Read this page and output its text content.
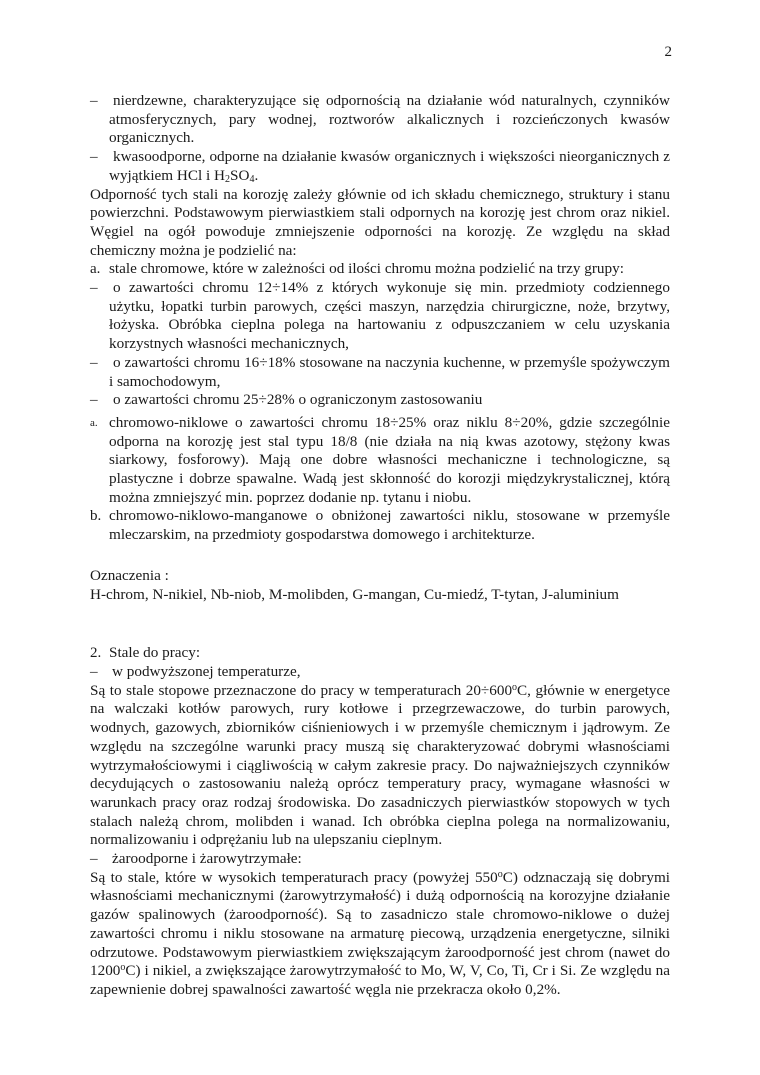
2
– nierdzewne, charakteryzujące się odpornością na działanie wód naturalnych, czynników atmosferycznych, pary wodnej, roztworów alkalicznych i rozcieńczonych kwasów organicznych.
– kwasoodporne, odporne na działanie kwasów organicznych i większości nieorganicznych z wyjątkiem HCl i $H_2SO_4$.

Odporność tych stali na korozję zależy głównie od ich składu chemicznego, struktury i stanu powierzchni. Podstawowym pierwiastkiem stali odpornych na korozję jest chrom oraz nikiel. Węgiel na ogół powoduje zmniejszenie odporności na korozję. Ze względu na skład chemiczny można je podzielić na:

a. stale chromowe, które w zależności od ilości chromu można podzielić na trzy grupy:
– o zawartości chromu 12÷14% z których wykonuje się min. przedmioty codziennego użytku, łopatki turbin parowych, części maszyn, narzędzia chirurgiczne, noże, brzytwy, łożyska. Obróbka cieplna polega na hartowaniu z odpuszczaniem w celu uzyskania korzystnych własności mechanicznych,
– o zawartości chromu 16÷18% stosowane na naczynia kuchenne, w przemyśle spożywczym i samochodowym,
– o zawartości chromu 25÷28% o ograniczonym zastosowaniu
a. chromowo-niklowe o zawartości chromu 18÷25% oraz niklu 8÷20%, gdzie szczególnie odporna na korozję jest stal typu 18/8 (nie działa na nią kwas azotowy, stężony kwas siarkowy, fosforowy). Mają one dobre własności mechaniczne i technologiczne, są plastyczne i dobrze spawalne. Wadą jest skłonność do korozji międzykrystalicznej, którą można zmniejszyć min. poprzez dodanie np. tytanu i niobu.
b. chromowo-niklowo-manganowe o obniżonej zawartości niklu, stosowane w przemyśle mleczarskim, na przedmioty gospodarstwa domowego i architekturze.

Oznaczenia :

H-chrom, N-nikiel, Nb-niob, M-molibden, G-mangan, Cu-miedź, T-tytan, J-aluminium

2. Stale do pracy:
– w podwyższonej temperaturze,

Są to stale stopowe przeznaczone do pracy w temperaturach $20\div 600^oC$, głównie w energetyce na walczaki kotłów parowych, rury kotłowe i przegrzewaczowe, do turbin parowych, wodnych, gazowych, zbiorników ciśnieniowych i w przemyśle chemicznym i jądrowym. Ze względu na szczególne warunki pracy muszą się charakteryzować dobrymi własnościami wytrzymałościowymi i ciągliwością w całym zakresie pracy. Do najważniejszych czynników decydujących o zastosowaniu należą oprócz temperatury pracy, wymagane własności w warunkach pracy oraz rodzaj środowiska. Do zasadniczych pierwiastków stopowych w tych stalach należą chrom, molibden i wanad. Ich obróbka cieplna polega na normalizowaniu, normalizowaniu i odprężaniu lub na ulepszaniu cieplnym.

– żaroodporne i żarowytrzymałe:

Są to stale, które w wysokich temperaturach pracy (powyżej 550$^o$C) odznaczają się dobrymi własnościami mechanicznymi (żarowytrzymałość) i dużą odpornością na korozyjne działanie gazów spalinowych (żaroodporność). Są to zasadniczo stale chromowo-niklowe o dużej zawartości chromu i niklu stosowane na armaturę piecową, urządzenia energetyczne, silniki odrzutowe. Podstawowym pierwiastkiem zwiększającym żaroodporność jest chrom (nawet do 1200$^o$C) i nikiel, a zwiększające żarowytrzymałość to Mo, W, V, Co, Ti, Cr i Si. Ze względu na zapewnienie dobrej spawalności zawartość węgla nie przekracza około 0,2%.
